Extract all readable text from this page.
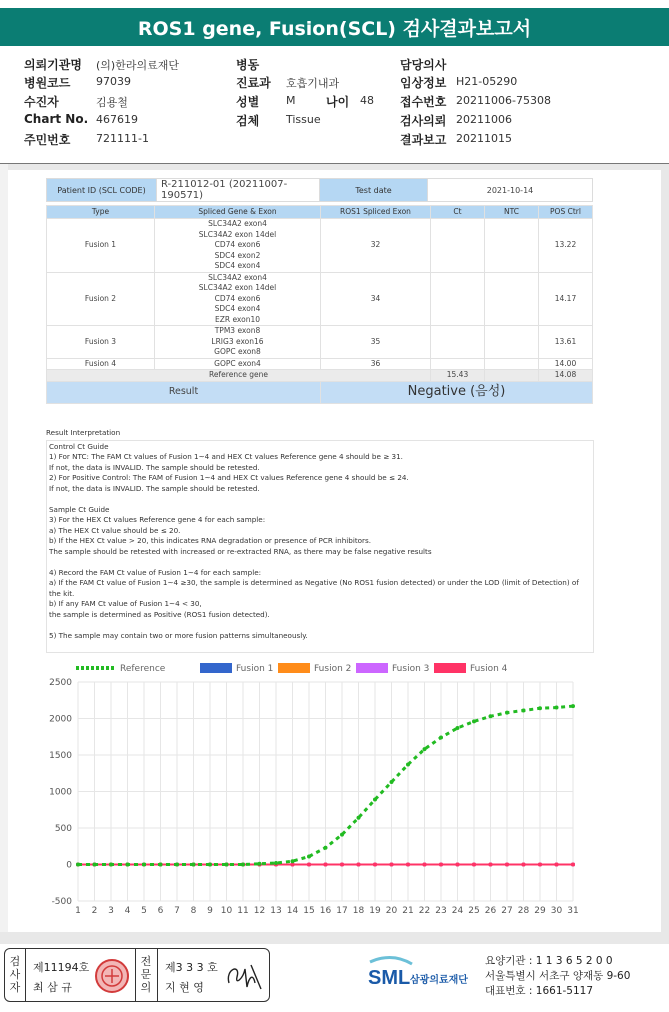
ROS1 gene, Fusion(SCL) 검사결과보고서
의뢰기관명 (의)한라의료재단
병원코드 97039
수진자	김용철
Chart No. 467619
주민번호 721111-1
병동
진료과 호흡기내과
성별 M
검체 Tissue
나이 48
담당의사
임상정보 H21-05290
접수번호 20211006-75308
검사의뢰 20211006
결과보고 20211015
Patient ID (SCL CODE)	R-211012-01 (20211007-190571)	Test date	2021-10-14
Type	Spliced Gene & Exon	ROS1 Spliced Exon	Ct	NTC	POS Ctrl
Fusion 1	SLC34A2 exon4
SLC34A2 exon 14del
CD74 exon6
SDC4 exon2
SDC4 exon4	32			13.22
Fusion 2	SLC34A2 exon4
SLC34A2 exon 14del
CD74 exon6
SDC4 exon4
EZR exon10	34			14.17
Fusion 3	TPM3 exon8
LRIG3 exon16
GOPC exon8	35			13.61
Fusion 4	GOPC exon4	36			14.00
Reference gene			15.43		14.08
Result		Negative (음성)			
Result Interpretation

Control Ct Guide

1) For NTC: The FAM Ct values of Fusion 1~4 and HEX Ct values Reference gene 4 should be ≥ 31.

If not, the data is INVALID. The sample should be retested.

2) For Positive Control: The FAM of Fusion 1~4 and HEX Ct values Reference gene 4 should be ≤ 24.

If not, the data is INVALID. The sample should be retested.

Sample Ct Guide

3) For the HEX Ct values Reference gene 4 for each sample:

a) The HEX Ct value should be ≤ 20.

b) If the HEX Ct value > 20, this indicates RNA degradation or presence of PCR inhibitors.

The sample should be retested with increased or re-extracted RNA, as there may be false negative results

4) Record the FAM Ct value of Fusion 1~4 for each sample:

a) If the FAM Ct value of Fusion 1~4 ≥30, the sample is determined as Negative (No ROS1 fusion detected) or under the LOD (limit of Detection) of the kit.

b) If any FAM Ct value of Fusion 1~4 < 30,

the sample is determined as Positive (ROS1 fusion detected).

5) The sample may contain two or more fusion patterns simultaneously.

-500
0
500
1000
1500
2000
2500
1 2 3 4 5 6 7 8 9 10 11 12 13 14 15 16 17 18 19 20 21 22 23 24 25 26 27 28 29 30 31
Reference	Fusion 1	Fusion 2	Fusion 3	Fusion 4
검
사
자
제11194호
최 삼 규
전
문
의
제3 3 3 호
지 현 영	SML 삼광의료재단
요양기관 : 1 1 3 6 5 2 0 0
서울특별시 서초구 양재동 9-60
대표번호 : 1661-5117
